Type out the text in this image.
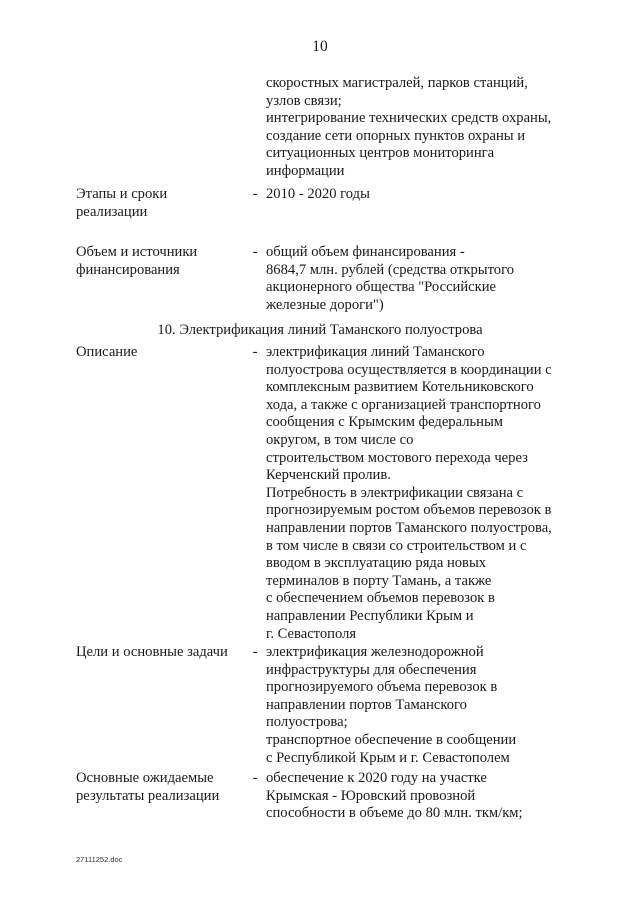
10
скоростных магистралей, парков станций,
узлов связи;
интегрирование технических средств охраны,
создание сети опорных пунктов охраны и
ситуационных центров мониторинга
информации
Этапы и сроки
реализации
- 2010 - 2020 годы
Объем и источники
финансирования
- общий объем финансирования -
8684,7 млн. рублей (средства открытого
акционерного общества "Российские
железные дороги")
10. Электрификация линий Таманского полуострова
Описание	- электрификация линий Таманского
полуострова осуществляется в координации с
комплексным развитием Котельниковского
хода, а также с организацией транспортного
сообщения с Крымским федеральным
округом, в том числе со
строительством мостового перехода через
Керченский пролив.
Потребность в электрификации связана с
прогнозируемым ростом объемов перевозок в
направлении портов Таманского полуострова,
в том числе в связи со строительством и с
вводом в эксплуатацию ряда новых
терминалов в порту Тамань, а также
с обеспечением объемов перевозок в
направлении Республики Крым и
г. Севастополя
Цели и основные задачи	- электрификация железнодорожной
инфраструктуры для обеспечения
прогнозируемого объема перевозок в
направлении портов Таманского
полуострова;
транспортное обеспечение в сообщении
с Республикой Крым и г. Севастополем
Основные ожидаемые
результаты реализации
- обеспечение к 2020 году на участке
Крымская - Юровский провозной
способности в объеме до 80 млн. ткм/км;
27111252.doc
